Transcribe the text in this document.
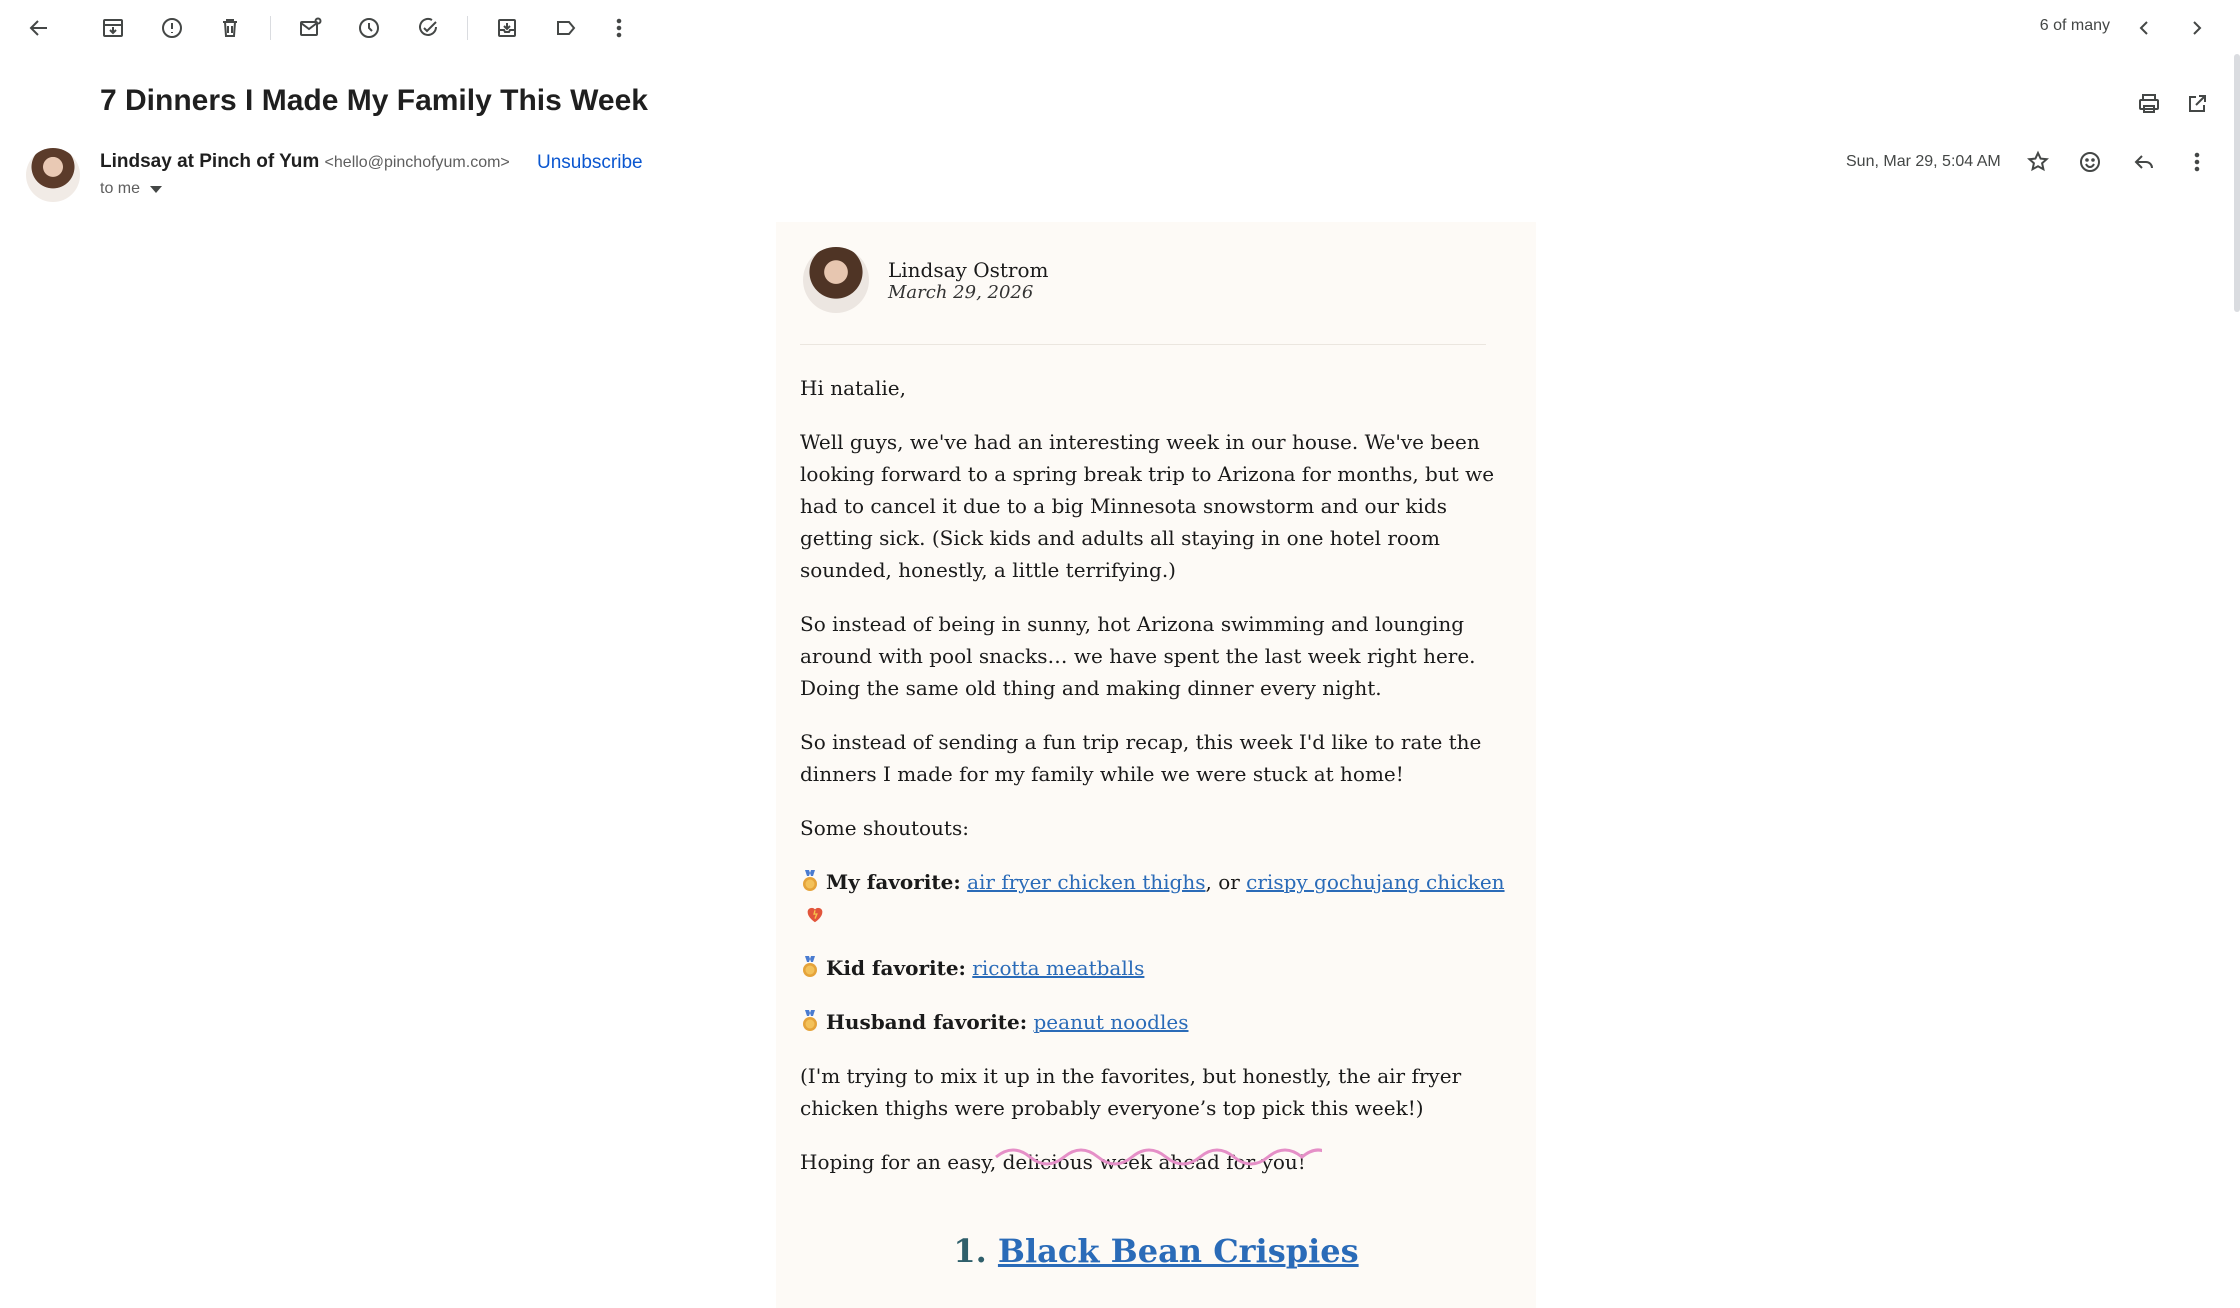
6 of many
7 Dinners I Made My Family This Week
Lindsay at Pinch of Yum <hello@pinchofyum.com> Unsubscribe
to me
Sun, Mar 29, 5:04 AM
Lindsay Ostrom
March 29, 2026

Hi natalie,

Well guys, we've had an interesting week in our house. We've been looking forward to a spring break trip to Arizona for months, but we had to cancel it due to a big Minnesota snowstorm and our kids getting sick. (Sick kids and adults all staying in one hotel room sounded, honestly, a little terrifying.)

So instead of being in sunny, hot Arizona swimming and lounging around with pool snacks… we have spent the last week right here. Doing the same old thing and making dinner every night.

So instead of sending a fun trip recap, this week I'd like to rate the dinners I made for my family while we were stuck at home!

Some shoutouts:

My favorite: air fryer chicken thighs, or crispy gochujang chicken

Kid favorite: ricotta meatballs

Husband favorite: peanut noodles

(I'm trying to mix it up in the favorites, but honestly, the air fryer chicken thighs were probably everyone’s top pick this week!)

Hoping for an easy, delicious week ahead for you!

1. Black Bean Crispies
